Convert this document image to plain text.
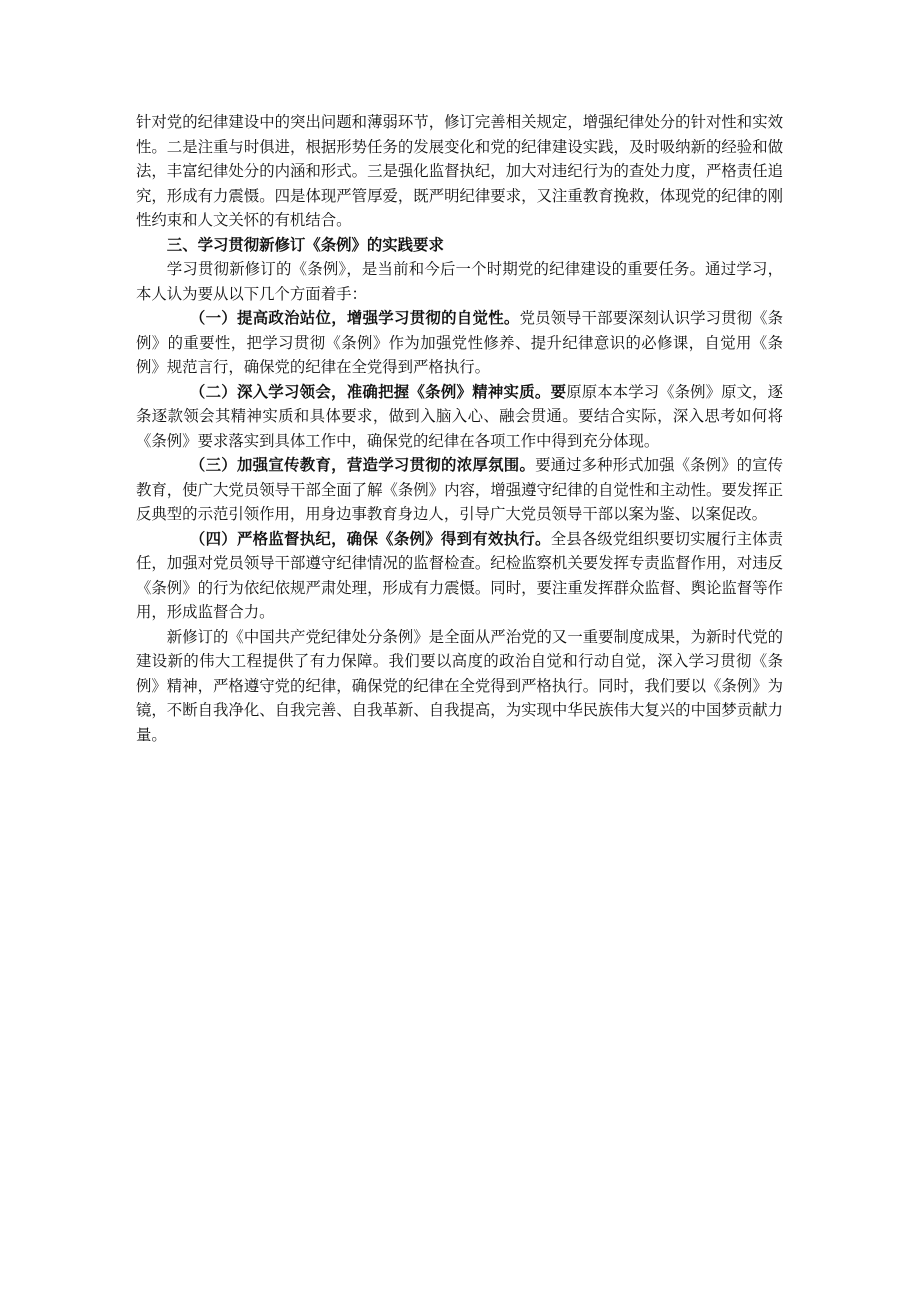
针对党的纪律建设中的突出问题和薄弱环节，修订完善相关规定，增强纪律处分的针对性和实效性。二是注重与时俱进，根据形势任务的发展变化和党的纪律建设实践，及时吸纳新的经验和做法，丰富纪律处分的内涵和形式。三是强化监督执纪，加大对违纪行为的查处力度，严格责任追究，形成有力震慑。四是体现严管厚爱，既严明纪律要求，又注重教育挽救，体现党的纪律的刚性约束和人文关怀的有机结合。

三、学习贯彻新修订《条例》的实践要求

学习贯彻新修订的《条例》，是当前和今后一个时期党的纪律建设的重要任务。通过学习，本人认为要从以下几个方面着手：

（一）提高政治站位，增强学习贯彻的自觉性。党员领导干部要深刻认识学习贯彻《条例》的重要性，把学习贯彻《条例》作为加强党性修养、提升纪律意识的必修课，自觉用《条例》规范言行，确保党的纪律在全党得到严格执行。

（二）深入学习领会，准确把握《条例》精神实质。要原原本本学习《条例》原文，逐条逐款领会其精神实质和具体要求，做到入脑入心、融会贯通。要结合实际，深入思考如何将《条例》要求落实到具体工作中，确保党的纪律在各项工作中得到充分体现。

（三）加强宣传教育，营造学习贯彻的浓厚氛围。要通过多种形式加强《条例》的宣传教育，使广大党员领导干部全面了解《条例》内容，增强遵守纪律的自觉性和主动性。要发挥正反典型的示范引领作用，用身边事教育身边人，引导广大党员领导干部以案为鉴、以案促改。

（四）严格监督执纪，确保《条例》得到有效执行。全县各级党组织要切实履行主体责任，加强对党员领导干部遵守纪律情况的监督检查。纪检监察机关要发挥专责监督作用，对违反《条例》的行为依纪依规严肃处理，形成有力震慑。同时，要注重发挥群众监督、舆论监督等作用，形成监督合力。

新修订的《中国共产党纪律处分条例》是全面从严治党的又一重要制度成果，为新时代党的建设新的伟大工程提供了有力保障。我们要以高度的政治自觉和行动自觉，深入学习贯彻《条例》精神，严格遵守党的纪律，确保党的纪律在全党得到严格执行。同时，我们要以《条例》为镜，不断自我净化、自我完善、自我革新、自我提高，为实现中华民族伟大复兴的中国梦贡献力量。
